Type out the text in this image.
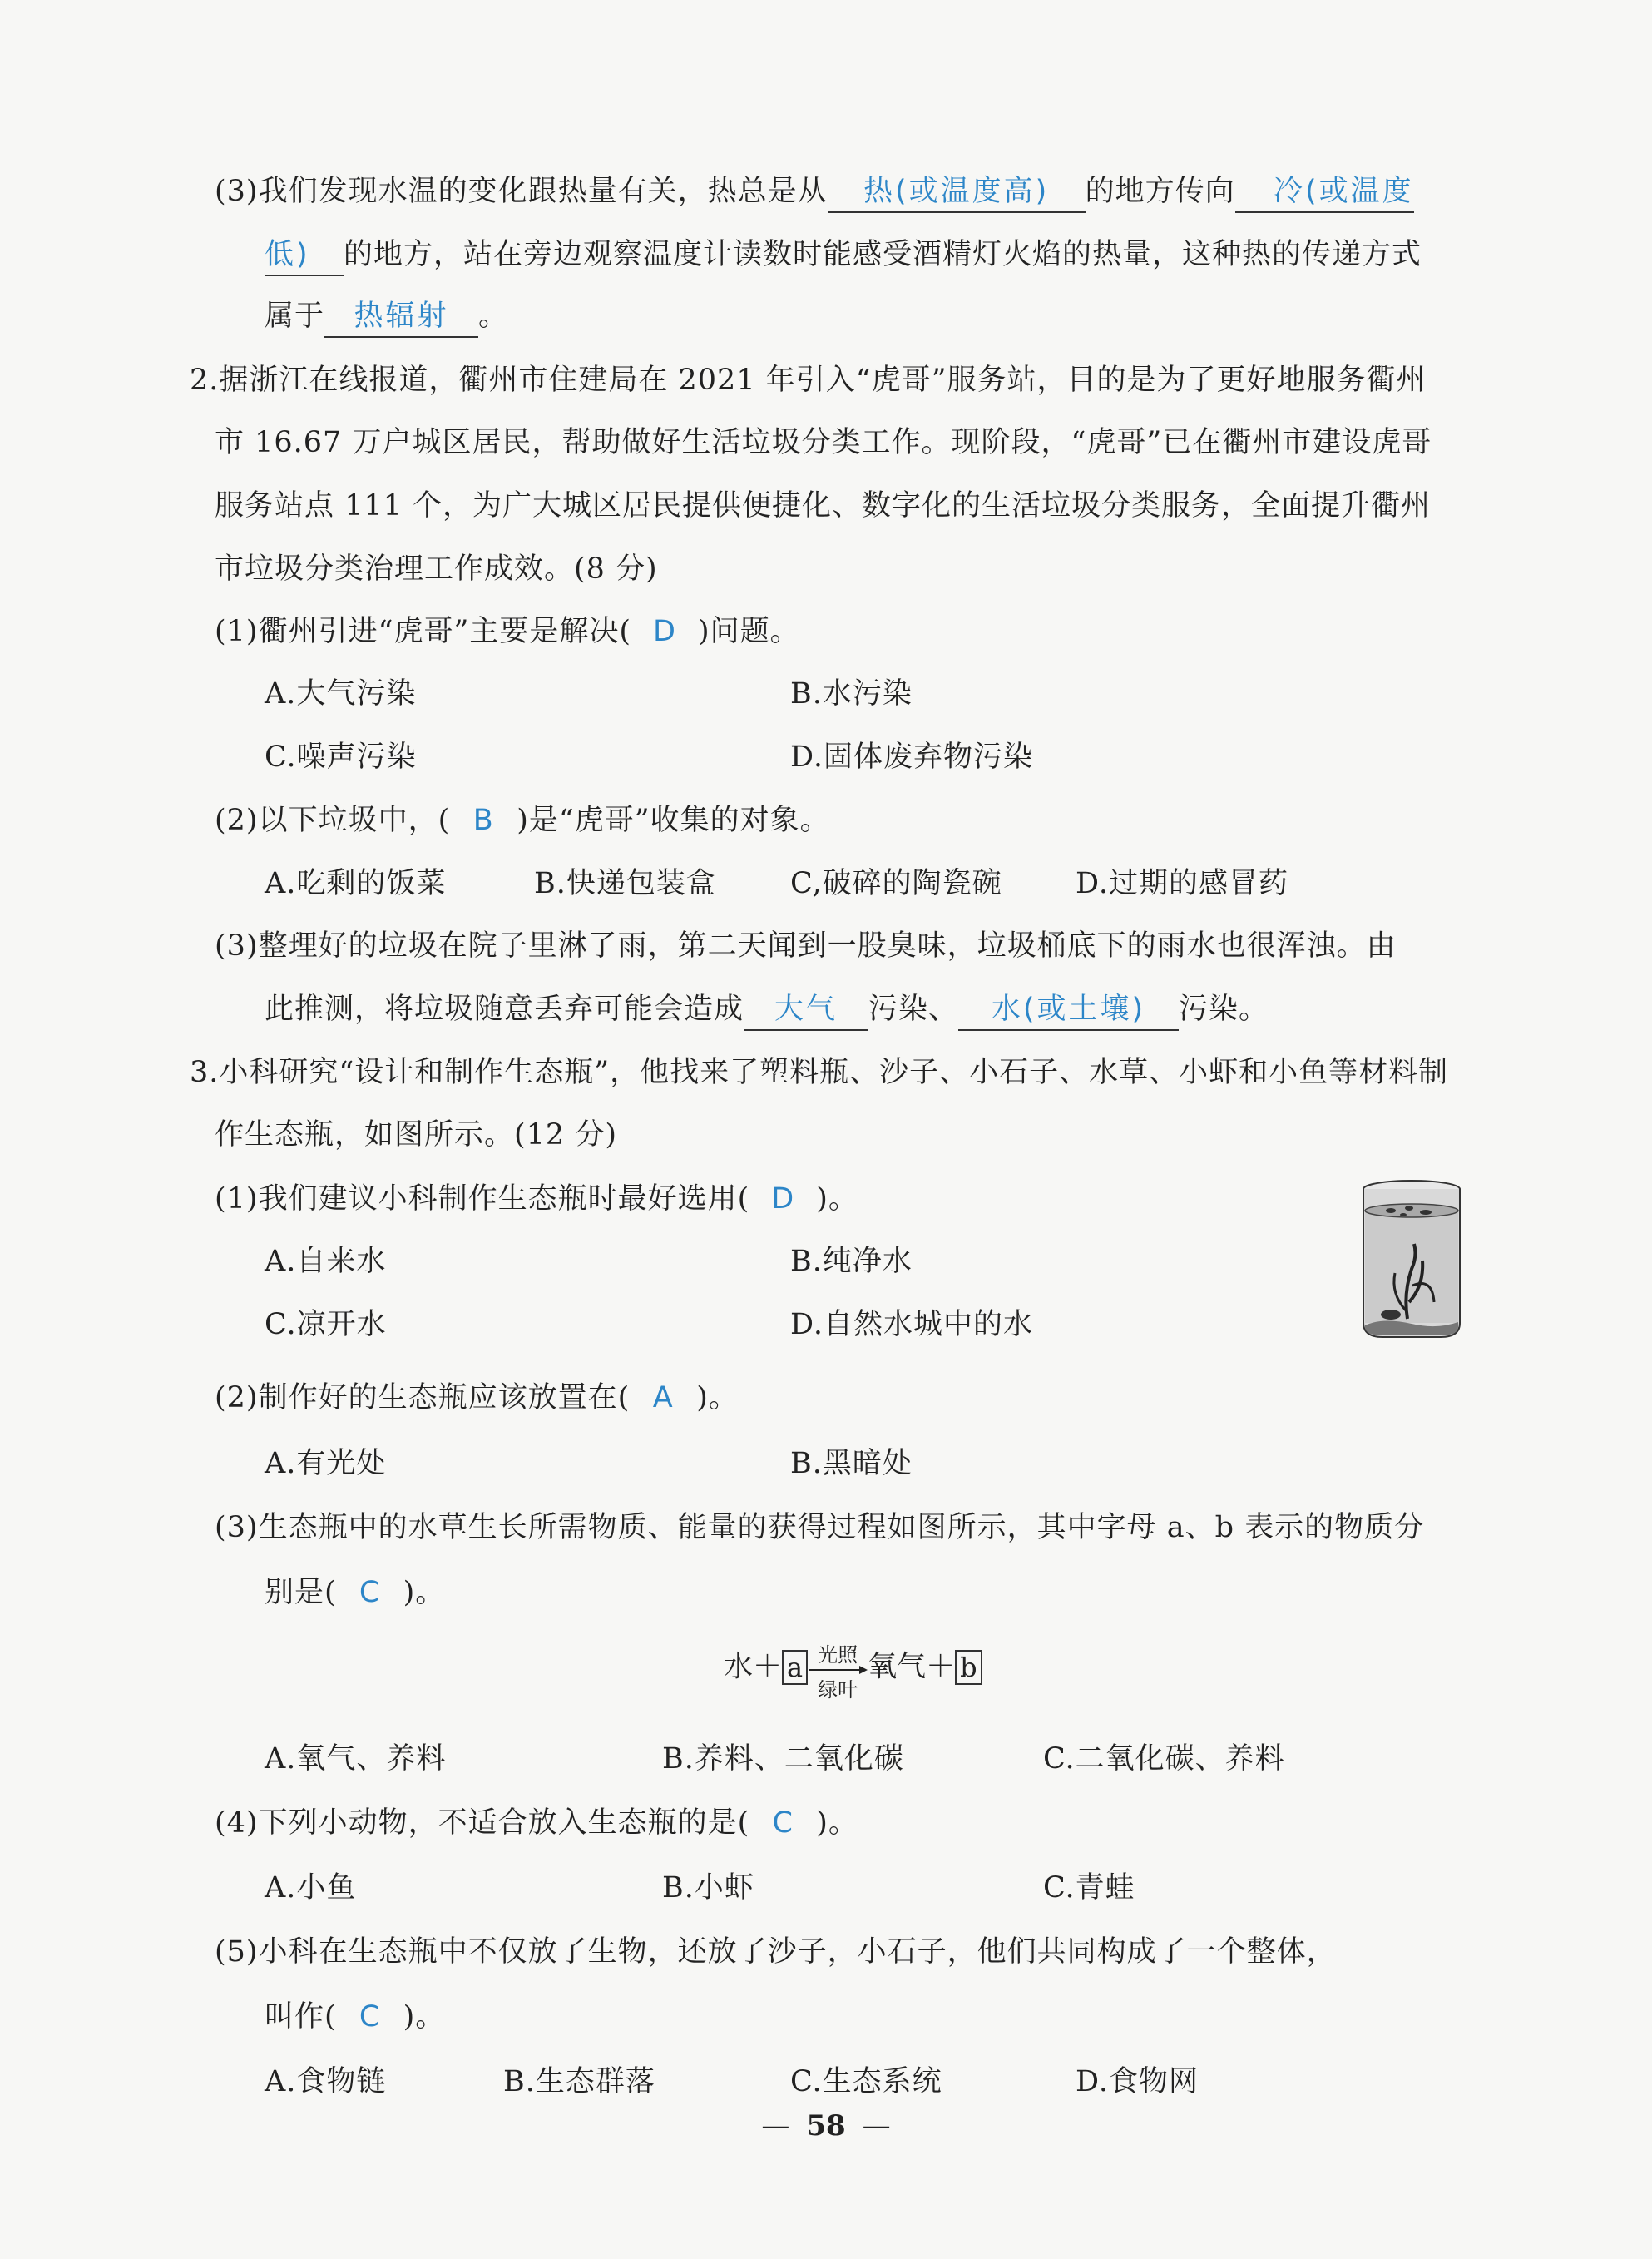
(3)我们发现水温的变化跟热量有关，热总是从 热(或温度高) 的地方传向 冷(或温度
低) 的地方，站在旁边观察温度计读数时能感受酒精灯火焰的热量，这种热的传递方式
属于 热辐射 。
2.据浙江在线报道，衢州市住建局在 2021 年引入“虎哥”服务站，目的是为了更好地服务衢州
市 16.67 万户城区居民，帮助做好生活垃圾分类工作。现阶段，“虎哥”已在衢州市建设虎哥
服务站点 111 个，为广大城区居民提供便捷化、数字化的生活垃圾分类服务，全面提升衢州
市垃圾分类治理工作成效。(8 分)
(1)衢州引进“虎哥”主要是解决( D )问题。
A.大气污染	B.水污染
C.噪声污染	D.固体废弃物污染
(2)以下垃圾中，( B )是“虎哥”收集的对象。
A.吃剩的饭菜	B.快递包装盒	C,破碎的陶瓷碗	D.过期的感冒药
(3)整理好的垃圾在院子里淋了雨，第二天闻到一股臭味，垃圾桶底下的雨水也很浑浊。由
此推测，将垃圾随意丢弃可能会造成 大气 污染、 水(或土壤) 污染。
3.小科研究“设计和制作生态瓶”，他找来了塑料瓶、沙子、小石子、水草、小虾和小鱼等材料制
作生态瓶，如图所示。(12 分)
(1)我们建议小科制作生态瓶时最好选用( D )。
A.自来水	B.纯净水
C.凉开水	D.自然水城中的水
(2)制作好的生态瓶应该放置在( A )。
A.有光处	B.黑暗处
(3)生态瓶中的水草生长所需物质、能量的获得过程如图所示，其中字母 a、b 表示的物质分
别是( C )。
水＋ a 光照
绿叶
氧气＋ b
A.氧气、养料	B.养料、二氧化碳	C.二氧化碳、养料
(4)下列小动物，不适合放入生态瓶的是( C )。
A.小鱼	B.小虾	C.青蛙
(5)小科在生态瓶中不仅放了生物，还放了沙子，小石子，他们共同构成了一个整体，
叫作( C )。
A.食物链	B.生态群落	C.生态系统	D.食物网
— 58 —
